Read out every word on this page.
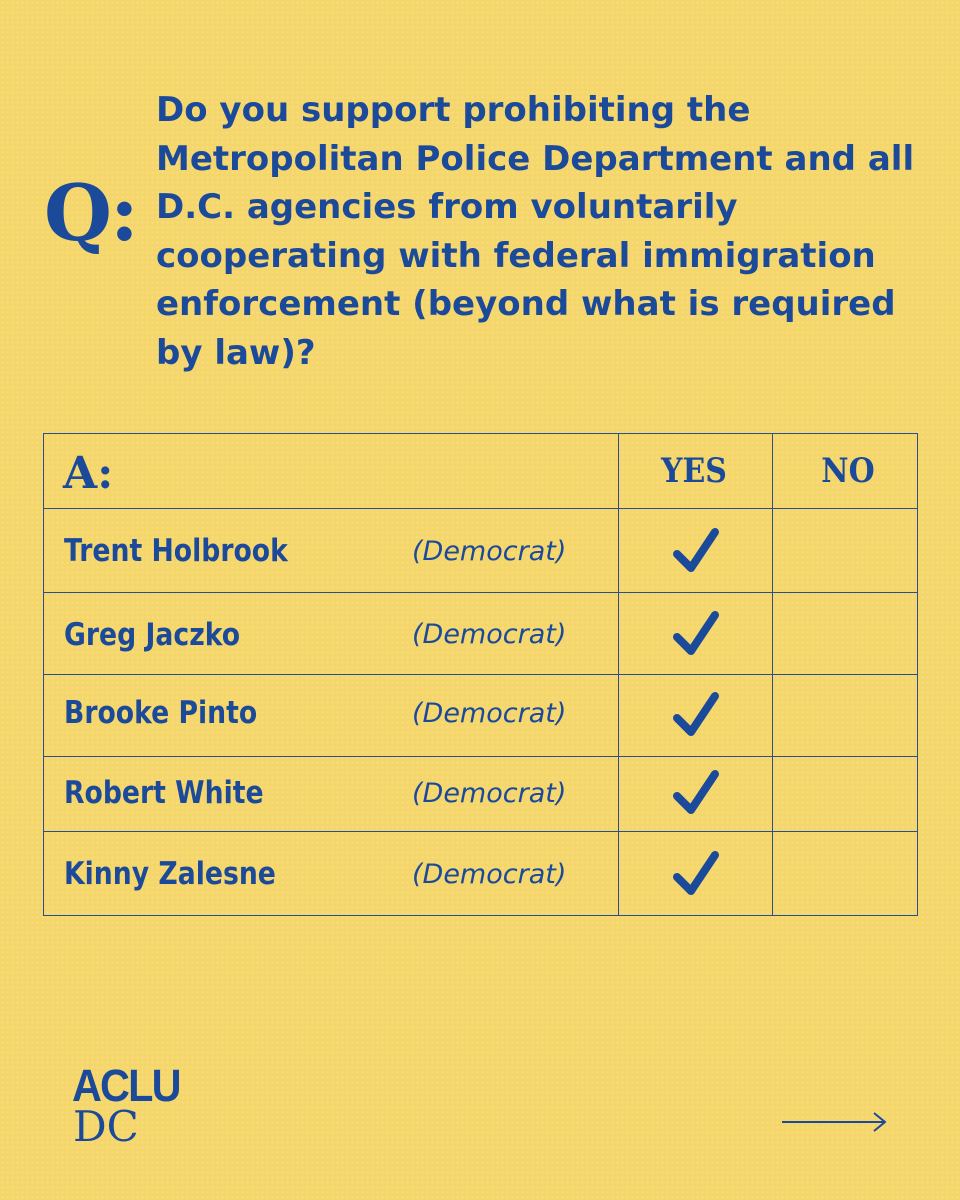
Q:

Do you support prohibiting the Metropolitan Police Department and all D.C. agencies from voluntarily cooperating with federal immigration enforcement (beyond what is required by law)?

A:	YES	NO
Trent Holbrook	(Democrat)
Greg Jaczko	(Democrat)
Brooke Pinto	(Democrat)
Robert White	(Democrat)
Kinny Zalesne	(Democrat)
ACLU
DC
